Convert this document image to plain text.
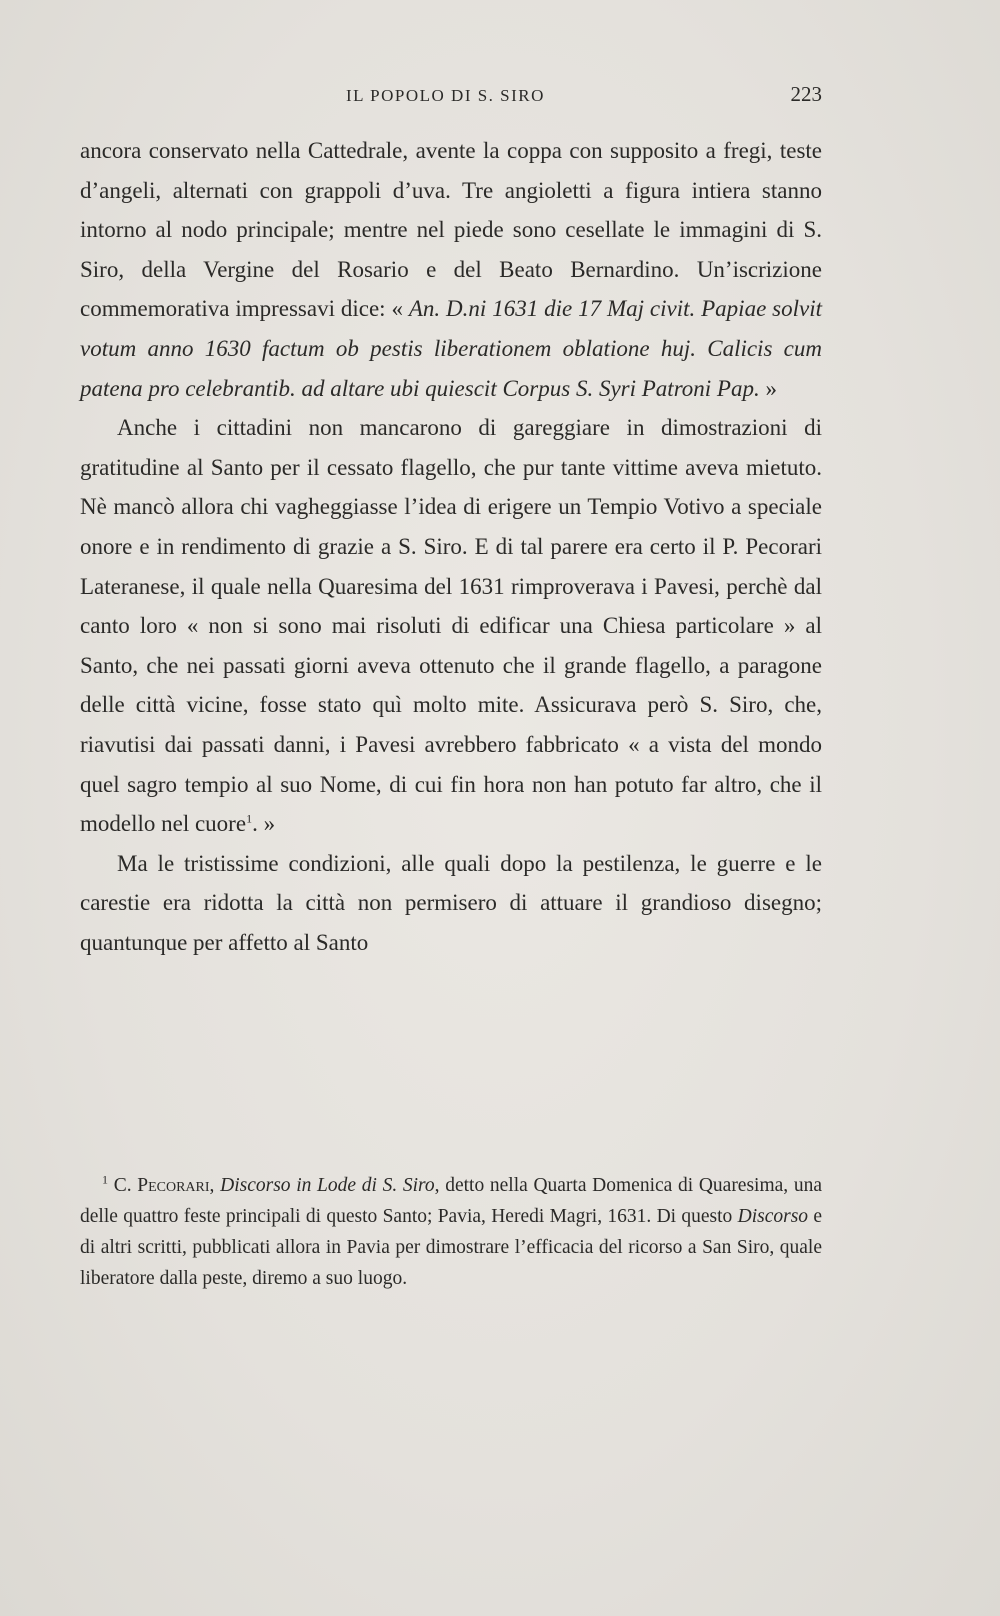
IL POPOLO DI S. SIRO	223

ancora conservato nella Cattedrale, avente la coppa con supposito a fregi, teste d’angeli, alternati con grappoli d’uva. Tre angioletti a figura intiera stanno intorno al nodo principale; mentre nel piede sono cesellate le immagini di S. Siro, della Vergine del Rosario e del Beato Bernardino. Un’iscrizione commemorativa impressavi dice: « An. D.ni 1631 die 17 Maj civit. Papiae solvit votum anno 1630 factum ob pestis liberationem oblatione huj. Calicis cum patena pro celebrantib. ad altare ubi quiescit Corpus S. Syri Patroni Pap. »

Anche i cittadini non mancarono di gareggiare in dimostrazioni di gratitudine al Santo per il cessato flagello, che pur tante vittime aveva mietuto. Nè mancò allora chi vagheggiasse l’idea di erigere un Tempio Votivo a speciale onore e in rendimento di grazie a S. Siro. E di tal parere era certo il P. Pecorari Lateranese, il quale nella Quaresima del 1631 rimproverava i Pavesi, perchè dal canto loro « non si sono mai risoluti di edificar una Chiesa particolare » al Santo, che nei passati giorni aveva ottenuto che il grande flagello, a paragone delle città vicine, fosse stato quì molto mite. Assicurava però S. Siro, che, riavutisi dai passati danni, i Pavesi avrebbero fabbricato « a vista del mondo quel sagro tempio al suo Nome, di cui fin hora non han potuto far altro, che il modello nel cuore$^1$. »

Ma le tristissime condizioni, alle quali dopo la pestilenza, le guerre e le carestie era ridotta la città non permisero di attuare il grandioso disegno; quantunque per affetto al Santo

$^1$ C. Pecorari, Discorso in Lode di S. Siro, detto nella Quarta Domenica di Quaresima, una delle quattro feste principali di questo Santo; Pavia, Heredi Magri, 1631. Di questo Discorso e di altri scritti, pubblicati allora in Pavia per dimostrare l’efficacia del ricorso a San Siro, quale liberatore dalla peste, diremo a suo luogo.
